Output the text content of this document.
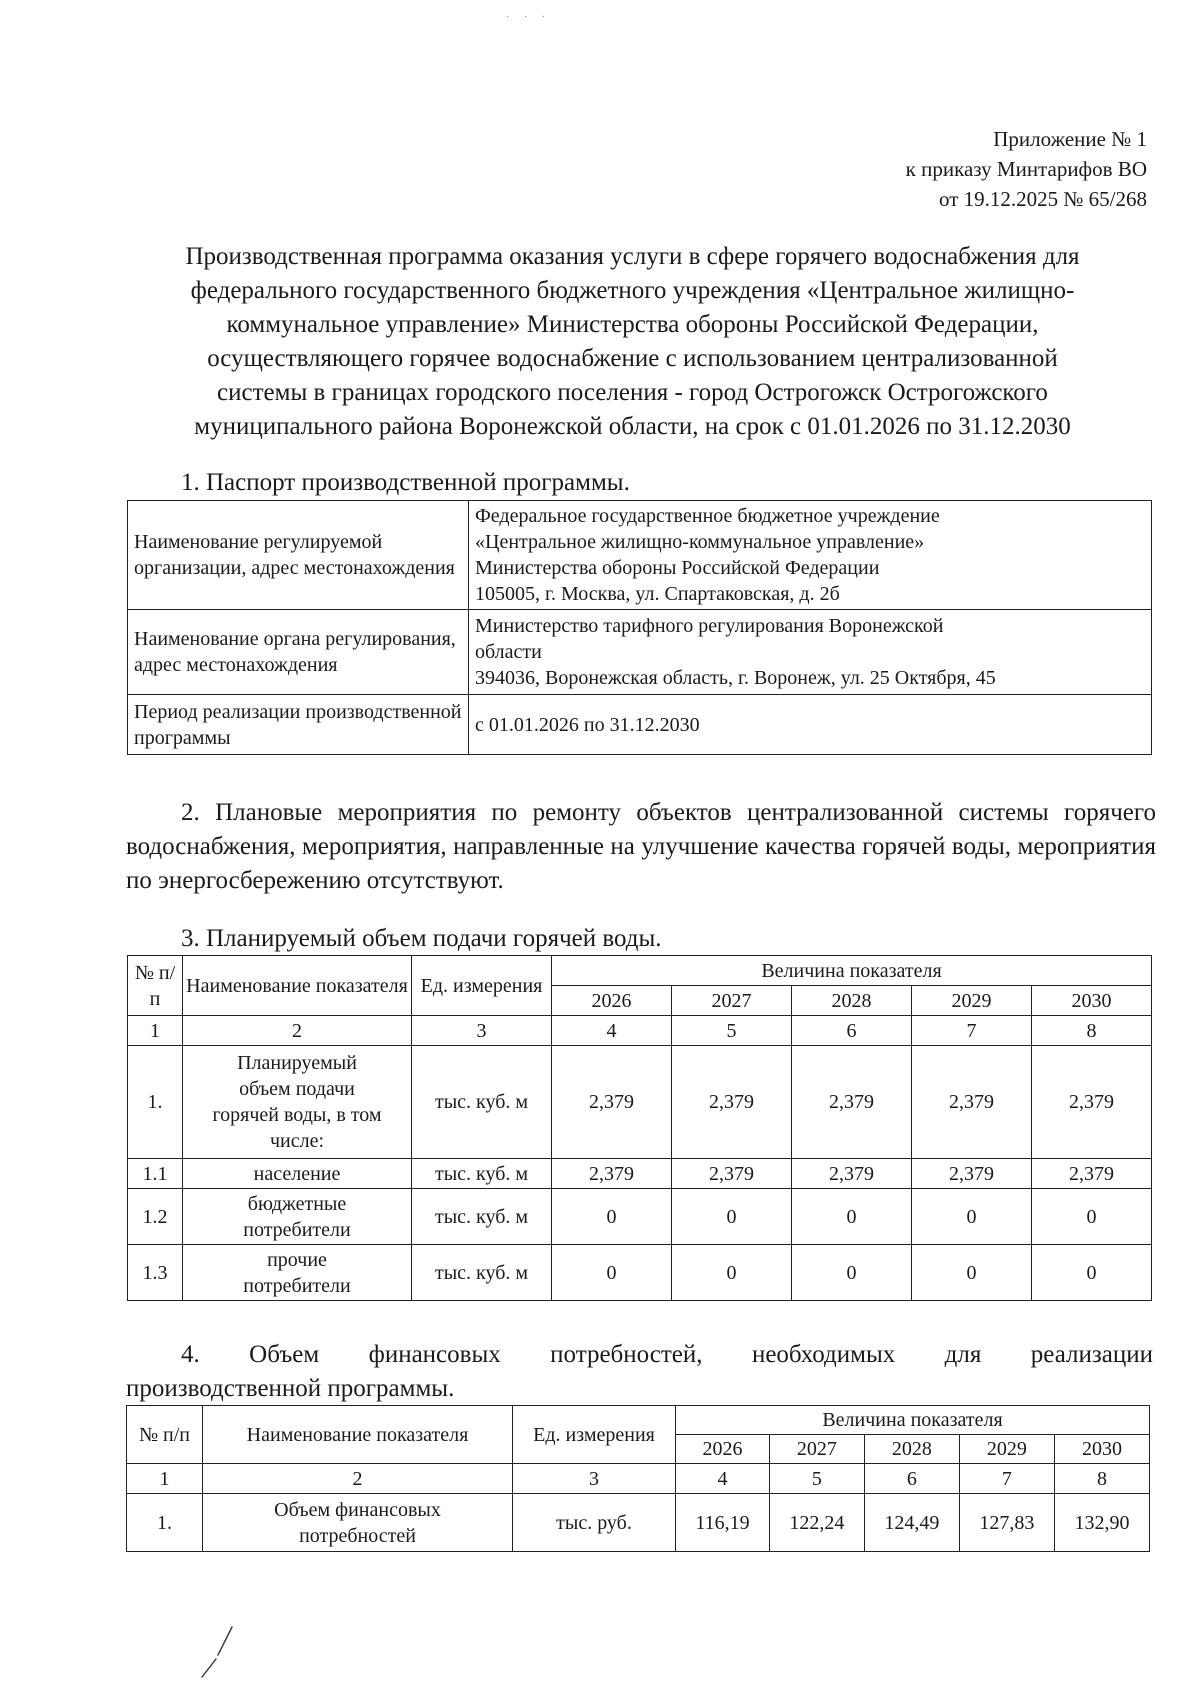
· · ·
Приложение № 1
к приказу Минтарифов ВО
от 19.12.2025 № 65/268
Производственная программа оказания услуги в сфере горячего водоснабжения для
федерального государственного бюджетного учреждения «Центральное жилищно-
коммунальное управление» Министерства обороны Российской Федерации,
осуществляющего горячее водоснабжение с использованием централизованной
системы в границах городского поселения - город Острогожск Острогожского
муниципального района Воронежской области, на срок с 01.01.2026 по 31.12.2030
1. Паспорт производственной программы.
Наименование регулируемой организации, адрес местонахождения	Федеральное государственное бюджетное учреждение
«Центральное жилищно-коммунальное управление»
Министерства обороны Российской Федерации
105005, г. Москва, ул. Спартаковская, д. 2б

Наименование органа регулирования, адрес местонахождения	Министерство тарифного регулирования Воронежской
области
394036, Воронежская область, г. Воронеж, ул. 25 Октября, 45

Период реализации производственной программы	с 01.01.2026 по 31.12.2030
2. Плановые мероприятия по ремонту объектов централизованной системы горячего водоснабжения, мероприятия, направленные на улучшение качества горячей воды, мероприятия по энергосбережению отсутствуют.
3. Планируемый объем подачи горячей воды.
№ п/п	Наименование показателя	Ед. измерения	Величина показателя				
			2026	2027	2028	2029	2030
1	2	3	4	5	6	7	8
1.	Планируемый объем подачи горячей воды, в том числе:	тыс. куб. м	2,379	2,379	2,379	2,379	2,379
1.1	население	тыс. куб. м	2,379	2,379	2,379	2,379	2,379
1.2	бюджетные потребители	тыс. куб. м	0	0	0	0	0
1.3	прочие потребители	тыс. куб. м	0	0	0	0	0
4.    Объем    финансовых    потребностей,    необходимых    для    реализации
производственной программы.
№ п/п	Наименование показателя	Ед. измерения	Величина показателя				
			2026	2027	2028	2029	2030
1	2	3	4	5	6	7	8
1.	Объем финансовых потребностей	тыс. руб.	116,19	122,24	124,49	127,83	132,90
